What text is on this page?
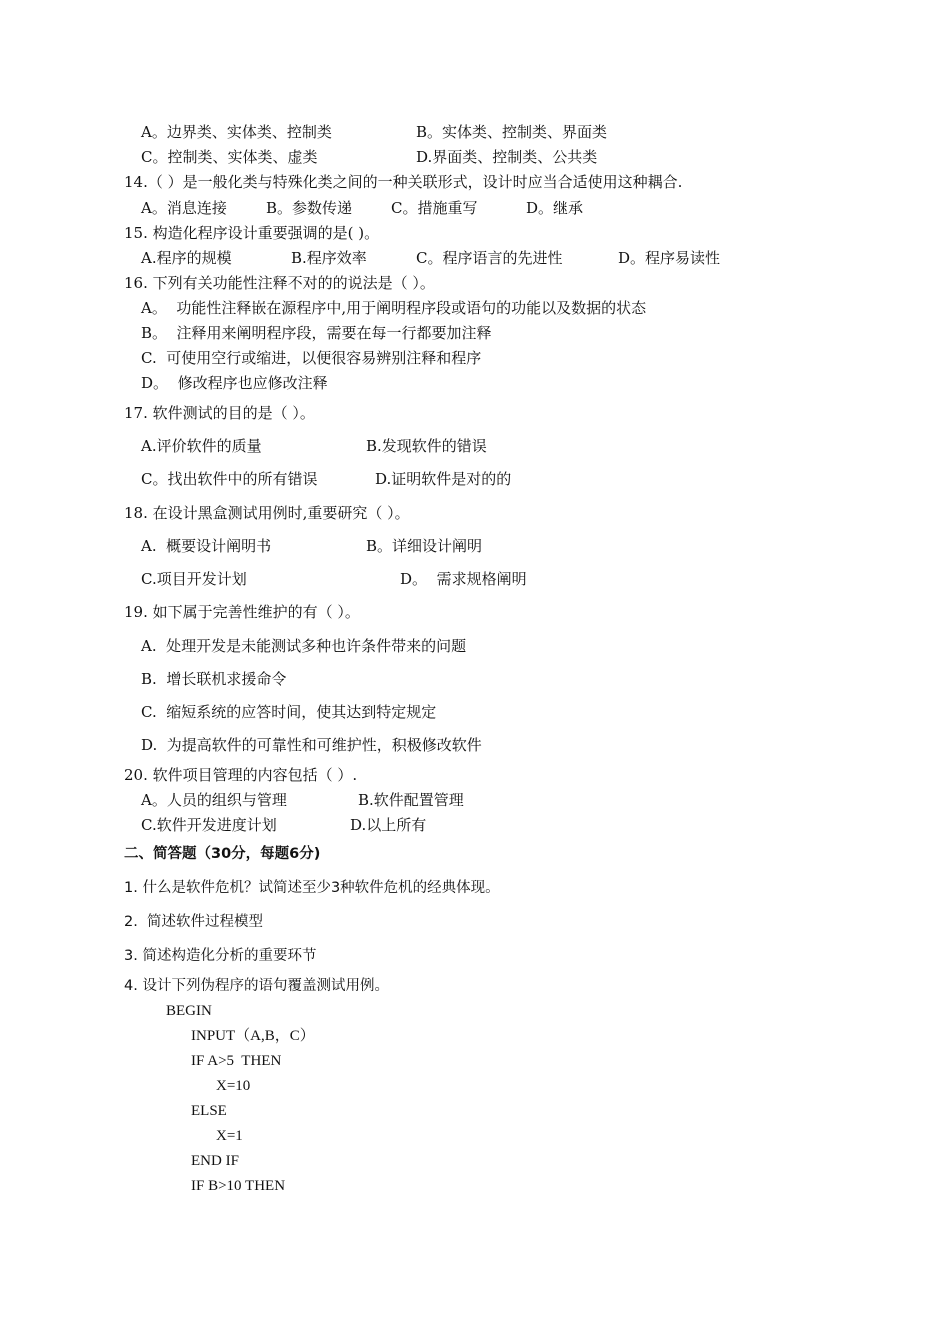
A。边界类、实体类、控制类	B。实体类、控制类、界面类
C。控制类、实体类、虚类	D.界面类、控制类、公共类
14.（ ）是一般化类与特殊化类之间的一种关联形式，设计时应当合适使用这种耦合.
A。消息连接	B。参数传递	C。措施重写	D。继承
15. 构造化程序设计重要强调的是( )。
A.程序的规模	B.程序效率	C。程序语言的先进性	D。程序易读性
16. 下列有关功能性注释不对的的说法是（ ）。
A。  功能性注释嵌在源程序中,用于阐明程序段或语句的功能以及数据的状态
B。  注释用来阐明程序段，需要在每一行都要加注释
C.  可使用空行或缩进，以便很容易辨别注释和程序
D。  修改程序也应修改注释
17. 软件测试的目的是（ ）。
A.评价软件的质量	B.发现软件的错误
C。找出软件中的所有错误	D.证明软件是对的的
18. 在设计黑盒测试用例时,重要研究（ ）。
A.  概要设计阐明书	B。详细设计阐明
C.项目开发计划	D。  需求规格阐明
19. 如下属于完善性维护的有（ ）。
A.  处理开发是未能测试多种也许条件带来的问题
B.  增长联机求援命令
C.  缩短系统的应答时间，使其达到特定规定
D.  为提高软件的可靠性和可维护性，积极修改软件
20. 软件项目管理的内容包括（ ）.
A。人员的组织与管理	B.软件配置管理
C.软件开发进度计划	D.以上所有
二、简答题（30分，每题6分)
1. 什么是软件危机？试简述至少3种软件危机的经典体现。
2.  简述软件过程模型
3. 简述构造化分析的重要环节
4. 设计下列伪程序的语句覆盖测试用例。
BEGIN
INPUT（A,B，C）
IF A>5  THEN
X=10
ELSE
X=1
END IF
IF B>10 THEN
